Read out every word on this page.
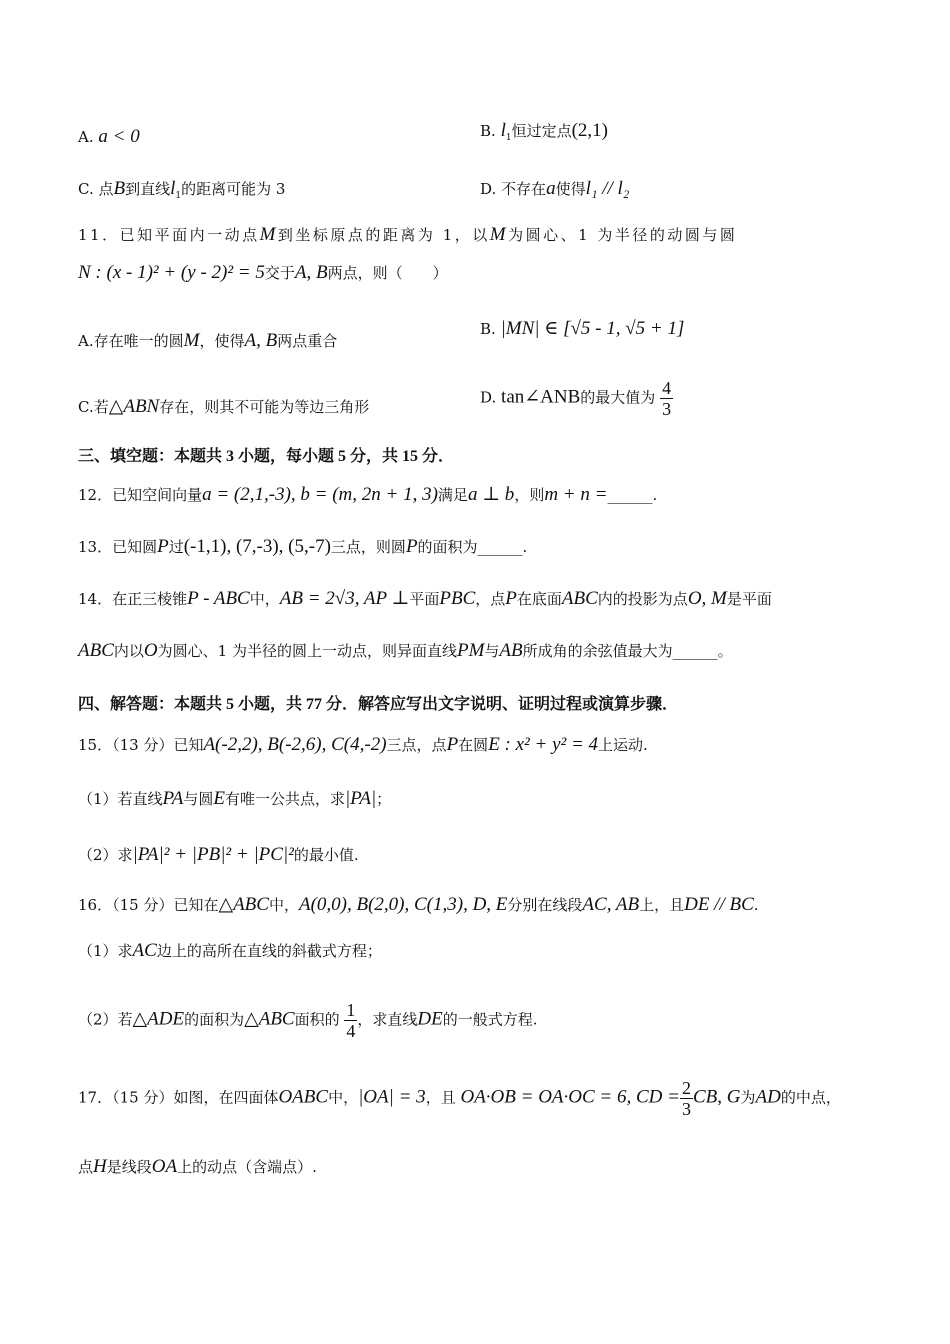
A. a < 0	B. $l_1$恒过定点(2,1)
C. 点B到直线$l_1$的距离可能为 3	D. 不存在a使得l₁ // l₂
11．已知平面内一动点M到坐标原点的距离为 1，以M为圆心、1 为半径的动圆与圆
N : (x - 1)² + (y - 2)² = 5交于A, B两点，则（　　）
A.存在唯一的圆M，使得A, B两点重合
B. |MN| ∈ [√5 - 1, √5 + 1]
C.若△ABN存在，则其不可能为等边三角形
D. tan∠ANB的最大值为 $\frac{4}{3}$
三、填空题：本题共 3 小题，每小题 5 分，共 15 分．
12．已知空间向量a = (2,1,-3), b = (m, 2n + 1, 3)满足a ⊥ b，则m + n =______.
13．已知圆P过(-1,1), (7,-3), (5,-7)三点，则圆P的面积为______.
14．在正三棱锥P - ABC中，AB = 2√3, AP ⊥平面PBC，点P在底面ABC内的投影为点O, M是平面
ABC内以O为圆心、1 为半径的圆上一动点，则异面直线PM与AB所成角的余弦值最大为______。
四、解答题：本题共 5 小题，共 77 分．解答应写出文字说明、证明过程或演算步骤．
15．（13 分）已知A(-2,2), B(-2,6), C(4,-2)三点，点P在圆E : x² + y² = 4上运动.
（1）若直线PA与圆E有唯一公共点，求|PA|；
（2）求|PA|² + |PB|² + |PC|²的最小值.
16．（15 分）已知在△ABC中，A(0,0), B(2,0), C(1,3), D, E分别在线段AC, AB上，且DE // BC.
（1）求AC边上的高所在直线的斜截式方程；
（2）若△ADE的面积为△ABC面积的 $\frac{1}{4}$ ，求直线DE的一般式方程.
17．（15 分）如图，在四面体OABC中，|OA| = 3，且 OA·OB = OA·OC = 6, CD = $\frac{2}{3}$ CB, G为AD的中点，
点H是线段OA上的动点（含端点）.
